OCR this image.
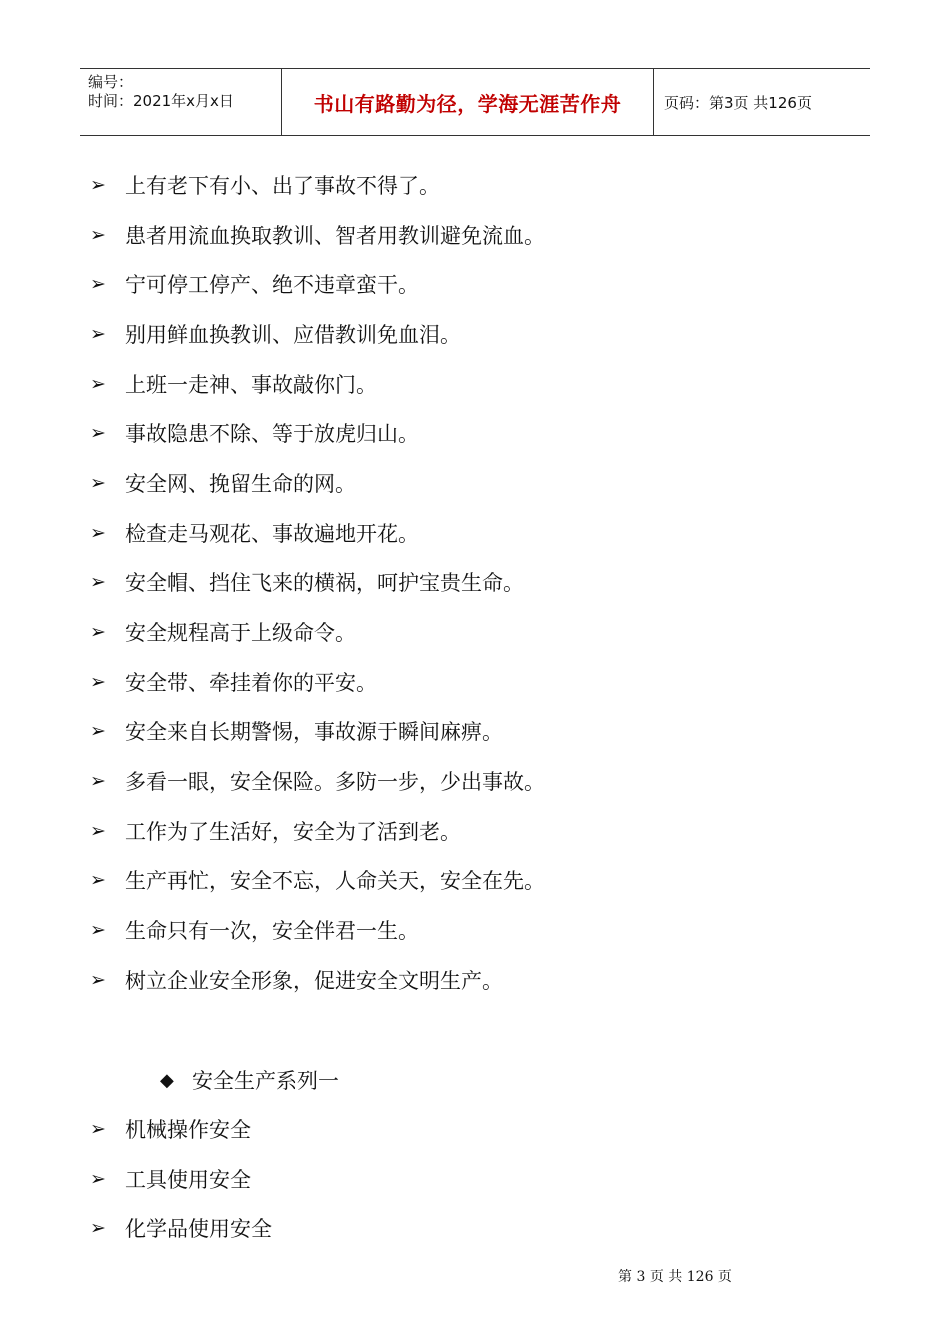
编号：
时间：2021年x月x日	书山有路勤为径，学海无涯苦作舟	页码：第3页 共126页
➢ 上有老下有小、出了事故不得了。
➢ 患者用流血换取教训、智者用教训避免流血。
➢ 宁可停工停产、绝不违章蛮干。
➢ 别用鲜血换教训、应借教训免血泪。
➢ 上班一走神、事故敲你门。
➢ 事故隐患不除、等于放虎归山。
➢ 安全网、挽留生命的网。
➢ 检查走马观花、事故遍地开花。
➢ 安全帽、挡住飞来的横祸，呵护宝贵生命。
➢ 安全规程高于上级命令。
➢ 安全带、牵挂着你的平安。
➢ 安全来自长期警惕，事故源于瞬间麻痹。
➢ 多看一眼，安全保险。多防一步，少出事故。
➢ 工作为了生活好，安全为了活到老。
➢ 生产再忙，安全不忘，人命关天，安全在先。
➢ 生命只有一次，安全伴君一生。
➢ 树立企业安全形象，促进安全文明生产。
◆ 安全生产系列一
➢ 机械操作安全
➢ 工具使用安全
➢ 化学品使用安全
第 3 页 共 126 页
